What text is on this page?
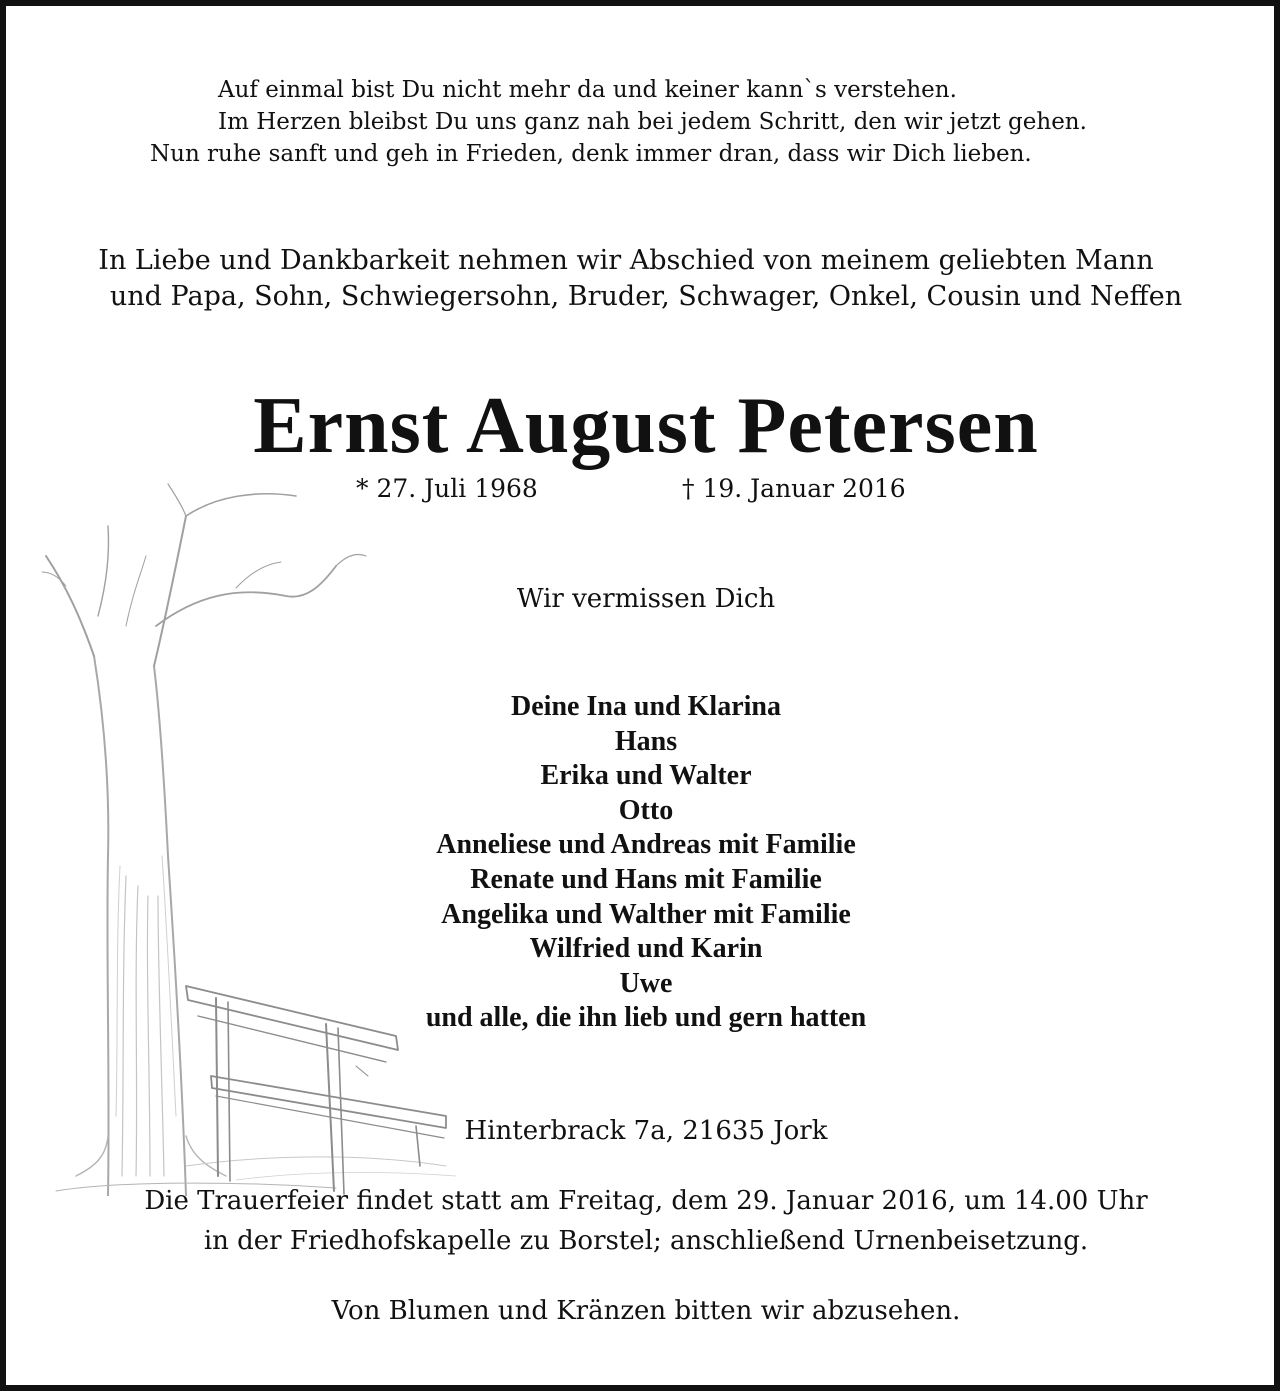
Auf einmal bist Du nicht mehr da und keiner kann`s verstehen.
Im Herzen bleibst Du uns ganz nah bei jedem Schritt, den wir jetzt gehen.
Nun ruhe sanft und geh in Frieden, denk immer dran, dass wir Dich lieben.
In Liebe und Dankbarkeit nehmen wir Abschied von meinem geliebten Mann
und Papa, Sohn, Schwiegersohn, Bruder, Schwager, Onkel, Cousin und Neffen
Ernst August Petersen
* 27. Juli 1968	† 19. Januar 2016
Wir vermissen Dich
Deine Ina und Klarina
Hans
Erika und Walter
Otto
Anneliese und Andreas mit Familie
Renate und Hans mit Familie
Angelika und Walther mit Familie
Wilfried und Karin
Uwe
und alle, die ihn lieb und gern hatten
Hinterbrack 7a, 21635 Jork
Die Trauerfeier findet statt am Freitag, dem 29. Januar 2016, um 14.00 Uhr
in der Friedhofskapelle zu Borstel; anschließend Urnenbeisetzung.
Von Blumen und Kränzen bitten wir abzusehen.
